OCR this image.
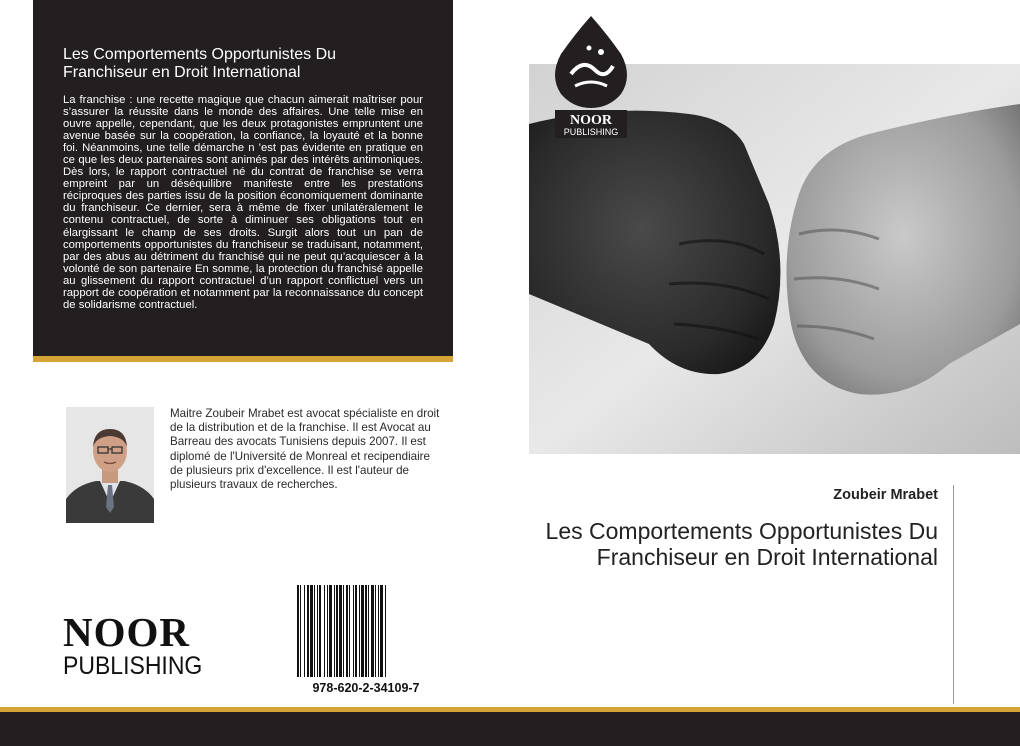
Les Comportements Opportunistes Du Franchiseur en Droit International

La franchise : une recette magique que chacun aimerait maîtriser pour s’assurer la réussite dans le monde des affaires. Une telle mise en ouvre appelle, cependant, que les deux protagonistes empruntent une avenue basée sur la coopération, la confiance, la loyauté et la bonne foi. Néanmoins, une telle démarche n ’est pas évidente en pratique en ce que les deux partenaires sont animés par des intérêts antimoniques. Dès lors, le rapport contractuel né du contrat de franchise se verra empreint par un déséquilibre manifeste entre les prestations réciproques des parties issu de la position économiquement dominante du franchiseur. Ce dernier, sera à même de fixer unilatéralement le contenu contractuel, de sorte à diminuer ses obligations tout en élargissant le champ de ses droits. Surgit alors tout un pan de comportements opportunistes du franchiseur se traduisant, notamment, par des abus au détriment du franchisé qui ne peut qu’acquiescer à la volonté de son partenaire En somme, la protection du franchisé appelle au glissement du rapport contractuel d’un rapport conflictuel vers un rapport de coopération et notamment par la reconnaissance du concept de solidarisme contractuel.

Maitre Zoubeir Mrabet est avocat spécialiste en droit de la distribution et de la franchise. Il est Avocat au Barreau des avocats Tunisiens depuis 2007. Il est diplomé de l'Université de Monreal et recipendiaire de plusieurs prix d'excellence. Il est l'auteur de plusieurs travaux de recherches.

NOOR
PUBLISHING
978-620-2-34109-7
NOOR
PUBLISHING
Zoubeir Mrabet
Les Comportements Opportunistes Du Franchiseur en Droit International
